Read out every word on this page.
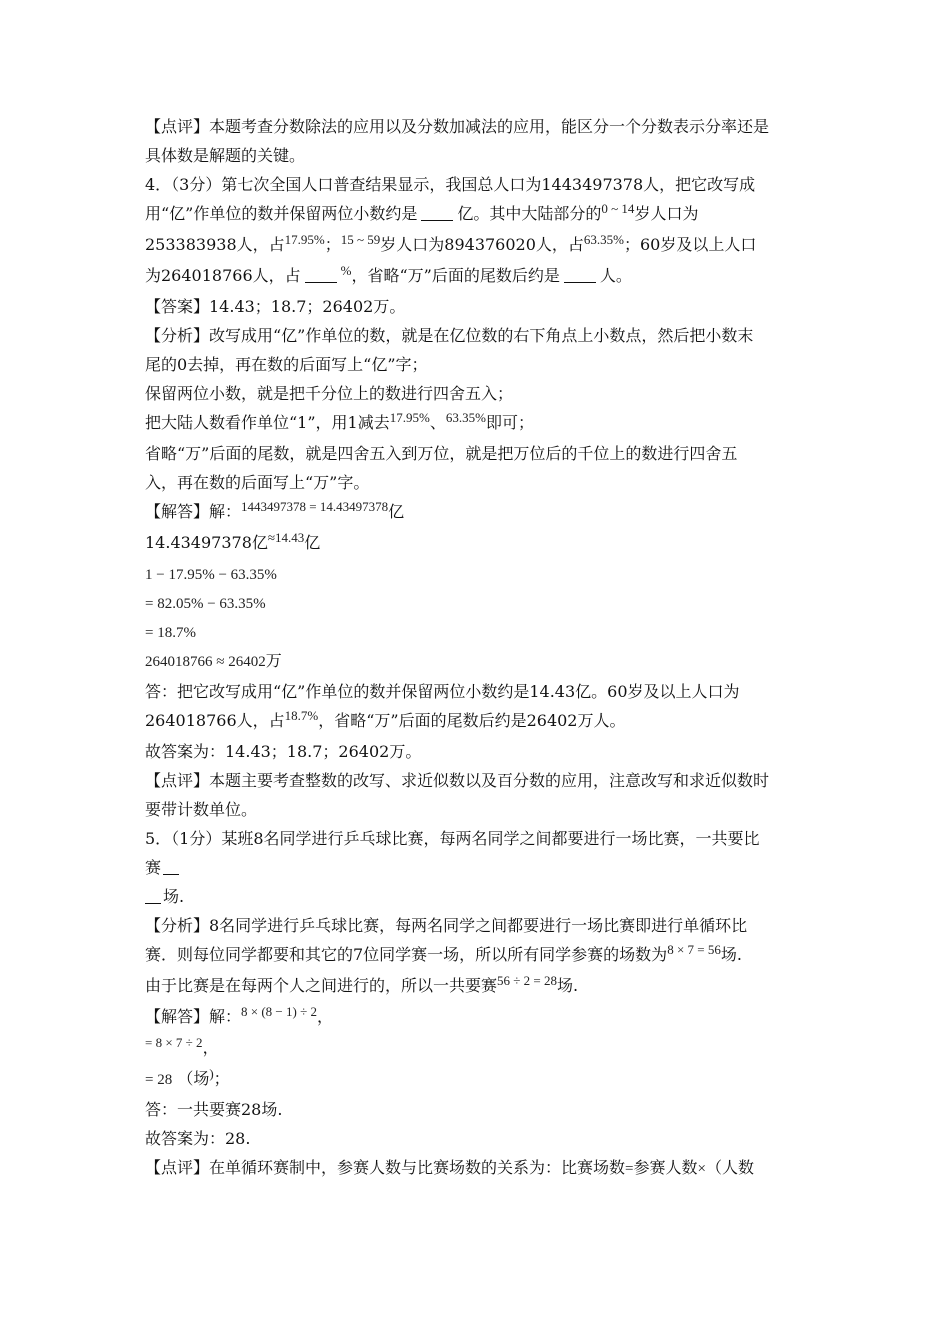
【点评】本题考查分数除法的应用以及分数加减法的应用，能区分一个分数表示分率还是
具体数是解题的关键。
4．（3分）第七次全国人口普查结果显示，我国总人口为1443497378人，把它改写成
用“亿”作单位的数并保留两位小数约是	亿。其中大陆部分的$^{0 \sim 14}$岁人口为
253383938人，占$^{17.95\%}$；$^{15 \sim 59}$岁人口为894376020人，占$^{63.35\%}$；60岁及以上人口
为264018766人，占	%，省略“万”后面的尾数后约是	人。
【答案】14.43；18.7；26402万。
【分析】改写成用“亿”作单位的数，就是在亿位数的右下角点上小数点，然后把小数末
尾的0去掉，再在数的后面写上“亿”字；
保留两位小数，就是把千分位上的数进行四舍五入；
把大陆人数看作单位“1”，用1减去$^{17.95\%}$、$^{63.35\%}$即可；
省略“万”后面的尾数，就是四舍五入到万位，就是把万位后的千位上的数进行四舍五
入，再在数的后面写上“万”字。
【解答】解：$^{1443497378 = 14.43497378}$亿
14.43497378亿$^{\approx 14.43}$亿
1 − 17.95% − 63.35%
= 82.05% − 63.35%
= 18.7%
264018766 ≈ 26402万
答：把它改写成用“亿”作单位的数并保留两位小数约是14.43亿。60岁及以上人口为
264018766人，占$^{18.7\%}$，省略“万”后面的尾数后约是26402万人。
故答案为：14.43；18.7；26402万。
【点评】本题主要考查整数的改写、求近似数以及百分数的应用，注意改写和求近似数时
要带计数单位。
5．（1分）某班8名同学进行乒乓球比赛，每两名同学之间都要进行一场比赛，一共要比
赛
场.
【分析】8名同学进行乒乓球比赛，每两名同学之间都要进行一场比赛即进行单循环比
赛．则每位同学都要和其它的7位同学赛一场，所以所有同学参赛的场数为$^{8 \times 7 = 56}$场.
由于比赛是在每两个人之间进行的，所以一共要赛$^{56 \div 2 = 28}$场.
【解答】解：$^{8 \times (8 - 1) \div 2}$，
$^{= 8 \times 7 \div 2}$，
= 28 （场)；
答：一共要赛28场.
故答案为：28.
【点评】在单循环赛制中，参赛人数与比赛场数的关系为：比赛场数=参赛人数×（人数
